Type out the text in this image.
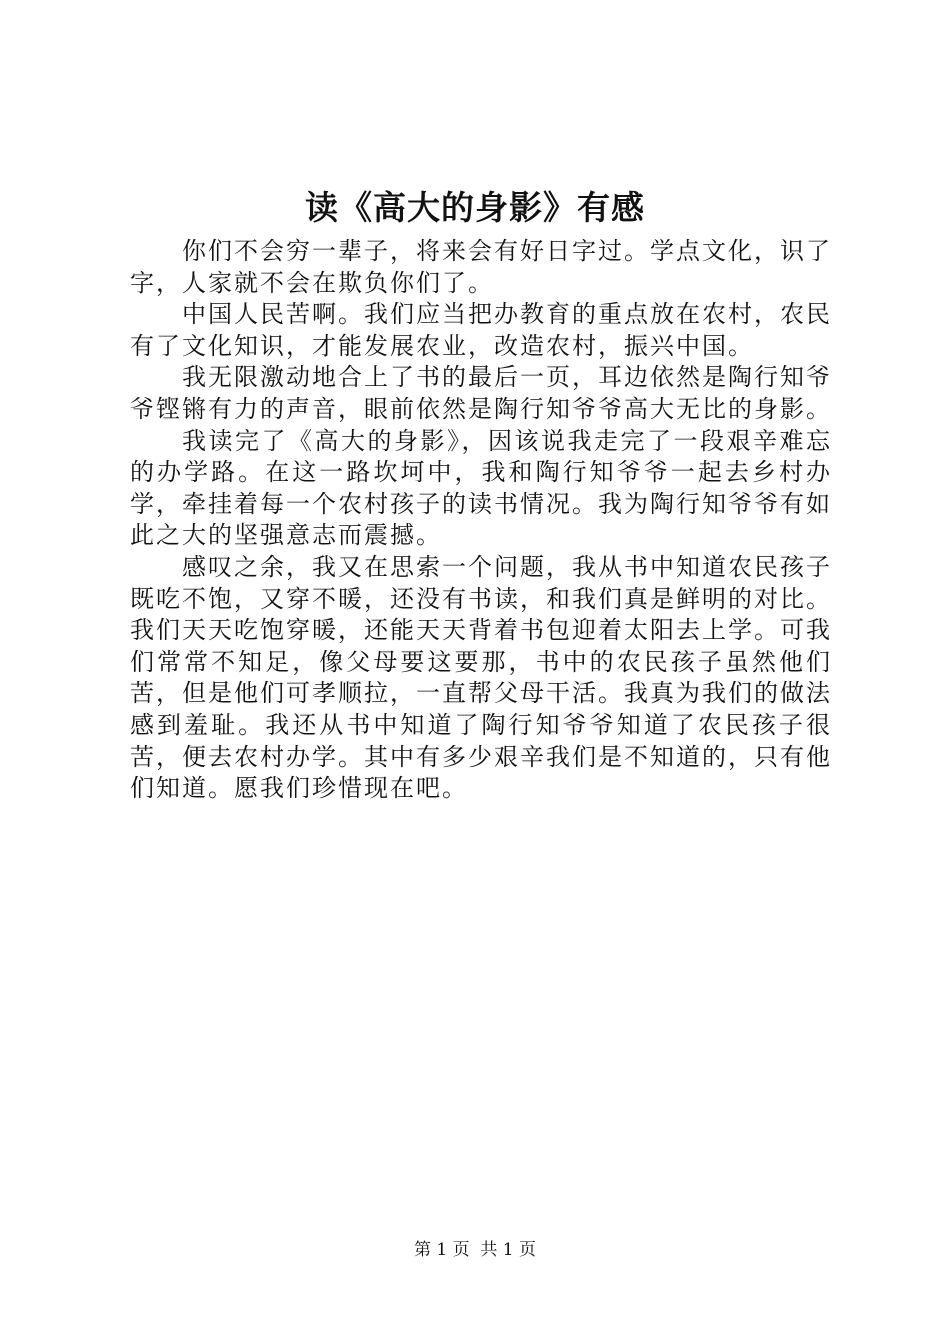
读《高大的身影》有感

你们不会穷一辈子，将来会有好日字过。学点文化，识了字，人家就不会在欺负你们了。

中国人民苦啊。我们应当把办教育的重点放在农村，农民有了文化知识，才能发展农业，改造农村，振兴中国。

我无限激动地合上了书的最后一页，耳边依然是陶行知爷爷铿锵有力的声音，眼前依然是陶行知爷爷高大无比的身影。

我读完了《高大的身影》，因该说我走完了一段艰辛难忘的办学路。在这一路坎坷中，我和陶行知爷爷一起去乡村办学，牵挂着每一个农村孩子的读书情况。我为陶行知爷爷有如此之大的坚强意志而震撼。

感叹之余，我又在思索一个问题，我从书中知道农民孩子既吃不饱，又穿不暖，还没有书读，和我们真是鲜明的对比。我们天天吃饱穿暖，还能天天背着书包迎着太阳去上学。可我们常常不知足，像父母要这要那，书中的农民孩子虽然他们苦，但是他们可孝顺拉，一直帮父母干活。我真为我们的做法感到羞耻。我还从书中知道了陶行知爷爷知道了农民孩子很苦，便去农村办学。其中有多少艰辛我们是不知道的，只有他们知道。愿我们珍惜现在吧。

第 1 页  共 1 页
